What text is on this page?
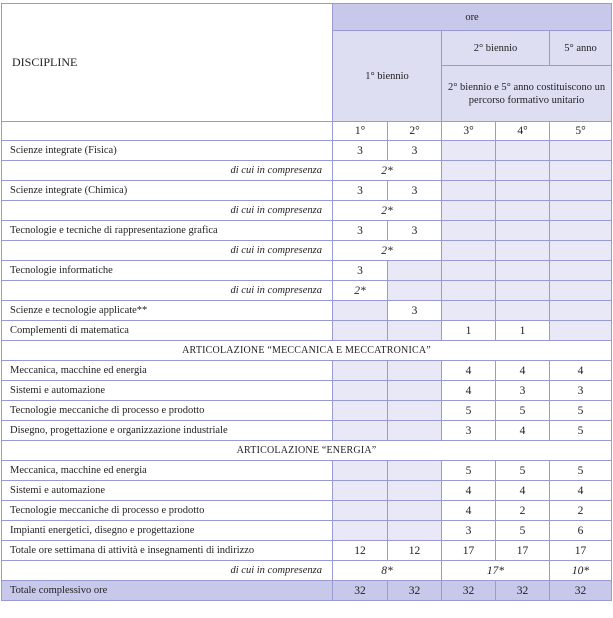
DISCIPLINE	ore				
	1° biennio		2° biennio		5° anno
			2° biennio e 5° anno costituiscono un percorso formativo unitario		
	1°	2°	3°	4°	5°
Scienze integrate (Fisica)	3	3			
di cui in compresenza	2*				
Scienze integrate (Chimica)	3	3			
di cui in compresenza	2*				
Tecnologie e tecniche di rappresentazione grafica	3	3			
di cui in compresenza	2*				
Tecnologie informatiche	3				
di cui in compresenza	2*				
Scienze e tecnologie applicate**		3			
Complementi di matematica			1	1	
ARTICOLAZIONE “MECCANICA E MECCATRONICA”					
Meccanica, macchine ed energia			4	4	4
Sistemi e automazione			4	3	3
Tecnologie meccaniche di processo e prodotto			5	5	5
Disegno, progettazione e organizzazione industriale			3	4	5
ARTICOLAZIONE “ENERGIA”					
Meccanica, macchine ed energia			5	5	5
Sistemi e automazione			4	4	4
Tecnologie meccaniche di processo e prodotto			4	2	2
Impianti energetici, disegno e progettazione			3	5	6
Totale ore settimana di attività e insegnamenti di indirizzo	12	12	17	17	17
di cui in compresenza	8*		17*		10*
Totale complessivo ore	32	32	32	32	32
